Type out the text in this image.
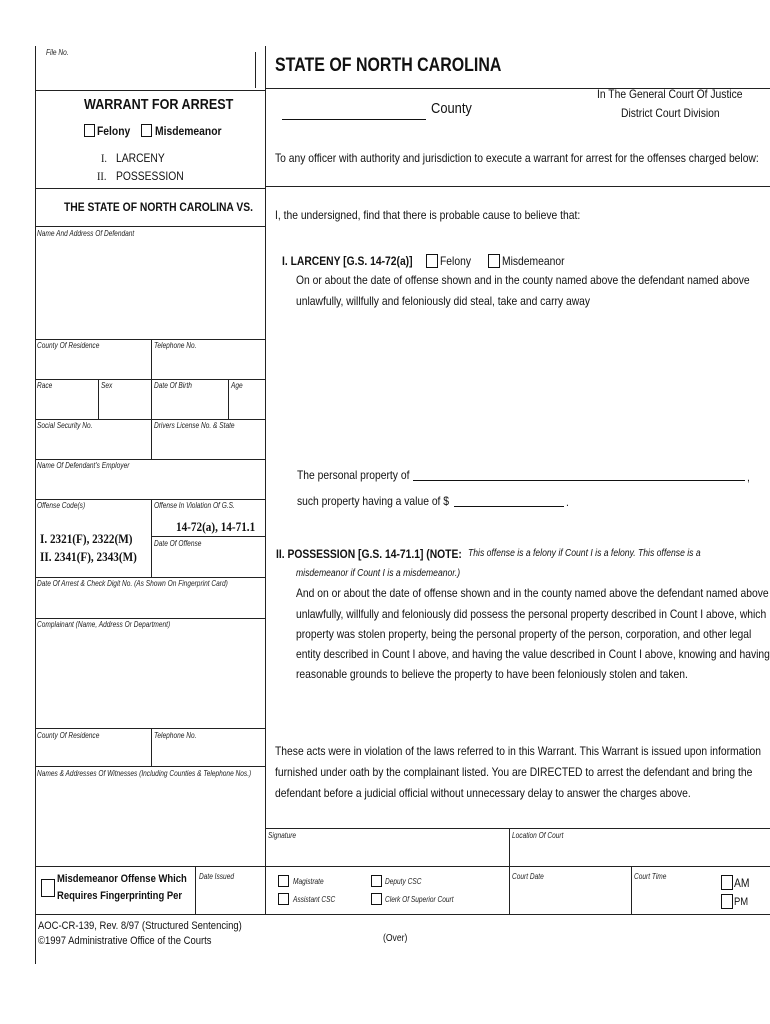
File No.
WARRANT FOR ARREST
Felony Misdemeanor
I. LARCENY
II. POSSESSION
THE STATE OF NORTH CAROLINA VS.
Name And Address Of Defendant
County Of Residence	Telephone No.
Race	Sex	Date Of Birth	Age
Social Security No.	Drivers License No. & State
Name Of Defendant's Employer
Offense Code(s)	Offense In Violation Of G.S.
14-72(a), 14-71.1
I. 2321(F), 2322(M)
II. 2341(F), 2343(M)
Date Of Offense
Date Of Arrest & Check Digit No. (As Shown On Fingerprint Card)
Complainant (Name, Address Or Department)
County Of Residence	Telephone No.
Names & Addresses Of Witnesses (Including Counties & Telephone Nos.)
Misdemeanor Offense Which
Requires Fingerprinting Per
Date Issued
AOC-CR-139, Rev. 8/97 (Structured Sentencing)
©1997 Administrative Office of the Courts
STATE OF NORTH CAROLINA
County
In The General Court Of Justice
District Court Division
To any officer with authority and jurisdiction to execute a warrant for arrest for the offenses charged below:
I, the undersigned, find that there is probable cause to believe that:
I. LARCENY [G.S. 14-72(a)] Felony	Misdemeanor
On or about the date of offense shown and in the county named above the defendant named above
unlawfully, willfully and feloniously did steal, take and carry away
The personal property of	,
such property having a value of $	.
II. POSSESSION [G.S. 14-71.1] (NOTE: This offense is a felony if Count I is a felony. This offense is a
misdemeanor if Count I is a misdemeanor.)
And on or about the date of offense shown and in the county named above the defendant named above
unlawfully, willfully and feloniously did possess the personal property described in Count I above, which
property was stolen property, being the personal property of the person, corporation, and other legal
entity described in Count I above, and having the value described in Count I above, knowing and having
reasonable grounds to believe the property to have been feloniously stolen and taken.
These acts were in violation of the laws referred to in this Warrant. This Warrant is issued upon information
furnished under oath by the complainant listed. You are DIRECTED to arrest the defendant and bring the
defendant before a judicial official without unnecessary delay to answer the charges above.
Signature	Location Of Court
Magistrate	Deputy CSC
Assistant CSC	Clerk Of Superior Court
Court Date	Court Time	AM
PM
(Over)
